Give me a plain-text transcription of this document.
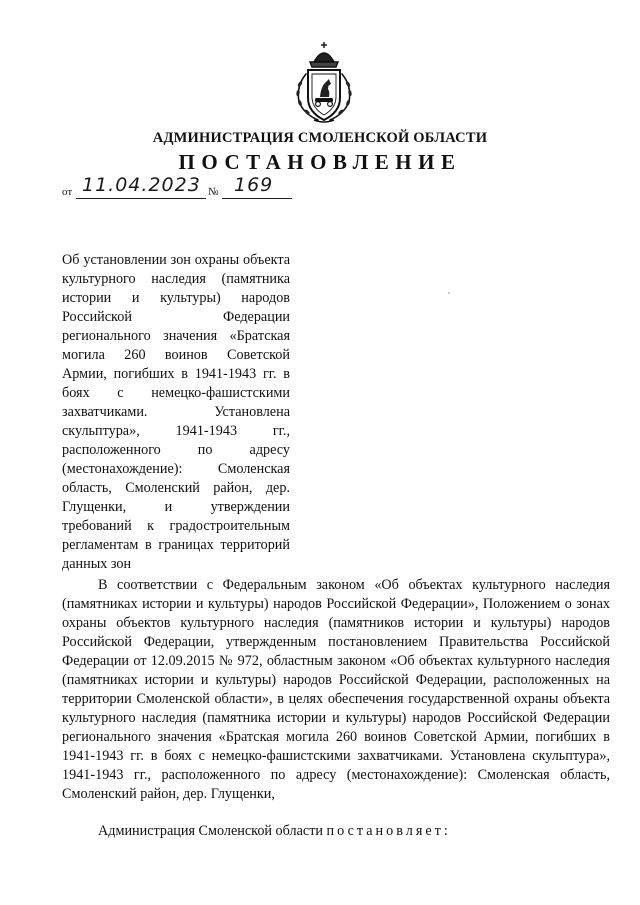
АДМИНИСТРАЦИЯ СМОЛЕНСКОЙ ОБЛАСТИ
ПОСТАНОВЛЕНИЕ
от 11.04.2023 № 169
Об установлении зон охраны объекта культурного наследия (памятника истории и культуры) народов Российской Федерации регионального значения «Братская могила 260 воинов Советской Армии, погибших в 1941-1943 гг. в боях с немецко-фашистскими захватчиками. Установлена скульптура», 1941-1943 гг., расположенного по адресу (местонахождение): Смоленская область, Смоленский район, дер. Глущенки, и утверждении требований к градостроительным регламентам в границах территорий данных зон

В соответствии с Федеральным законом «Об объектах культурного наследия (памятниках истории и культуры) народов Российской Федерации», Положением о зонах охраны объектов культурного наследия (памятников истории и культуры) народов Российской Федерации, утвержденным постановлением Правительства Российской Федерации от 12.09.2015 № 972, областным законом «Об объектах культурного наследия (памятниках истории и культуры) народов Российской Федерации, расположенных на территории Смоленской области», в целях обеспечения государственной охраны объекта культурного наследия (памятника истории и культуры) народов Российской Федерации регионального значения «Братская могила 260 воинов Советской Армии, погибших в 1941-1943 гг. в боях с немецко-фашистскими захватчиками. Установлена скульптура», 1941-1943 гг., расположенного по адресу (местонахождение): Смоленская область, Смоленский район, дер. Глущенки,

Администрация Смоленской области постановляет:
